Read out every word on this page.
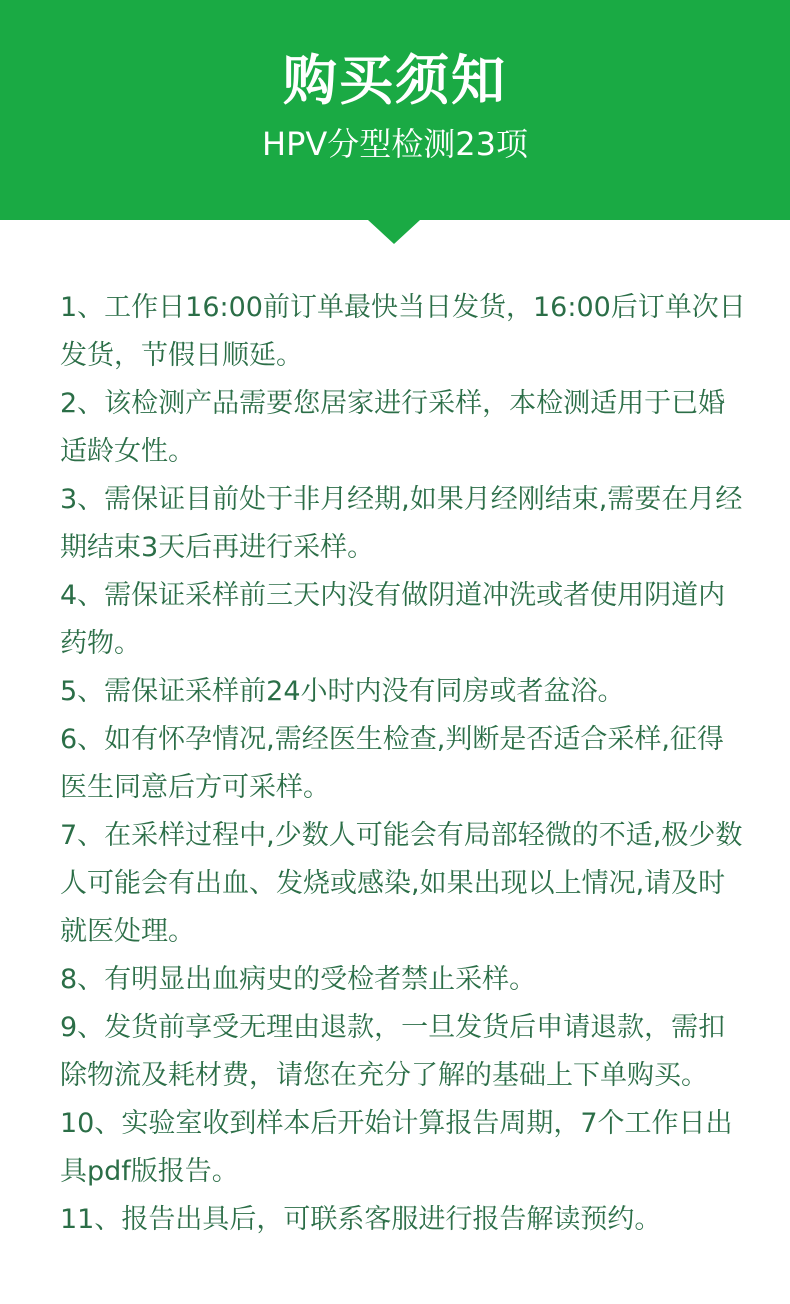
购买须知
HPV分型检测23项
1、工作日16:00前订单最快当日发货，16:00后订单次日发货，节假日顺延。
2、该检测产品需要您居家进行采样，本检测适用于已婚适龄女性。
3、需保证目前处于非月经期,如果月经刚结束,需要在月经期结束3天后再进行采样。
4、需保证采样前三天内没有做阴道冲洗或者使用阴道内药物。
5、需保证采样前24小时内没有同房或者盆浴。
6、如有怀孕情况,需经医生检查,判断是否适合采样,征得医生同意后方可采样。
7、在采样过程中,少数人可能会有局部轻微的不适,极少数人可能会有出血、发烧或感染,如果出现以上情况,请及时就医处理。
8、有明显出血病史的受检者禁止采样。
9、发货前享受无理由退款，一旦发货后申请退款，需扣除物流及耗材费，请您在充分了解的基础上下单购买。
10、实验室收到样本后开始计算报告周期，7个工作日出具pdf版报告。
11、报告出具后，可联系客服进行报告解读预约。
